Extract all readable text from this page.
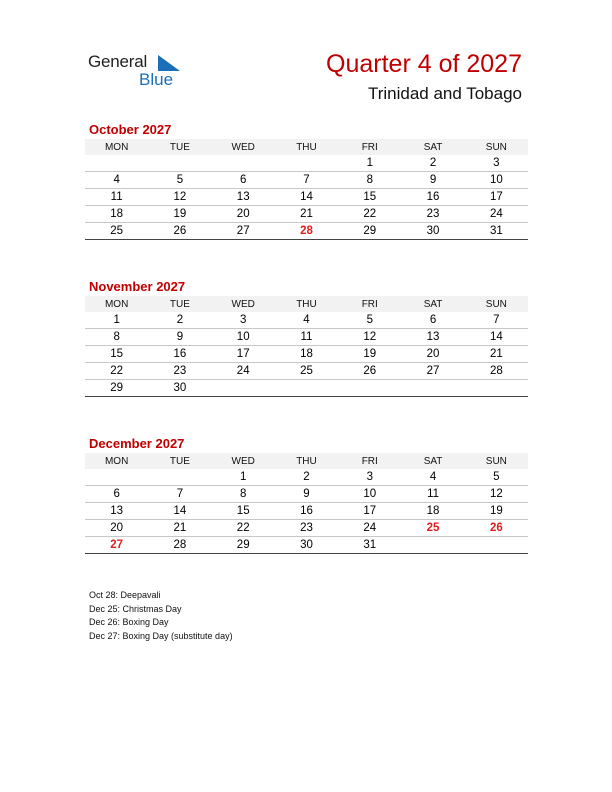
General
Blue
Quarter 4 of 2027
Trinidad and Tobago
October 2027
MON	TUE	WED	THU	FRI	SAT	SUN
				1	2	3
4	5	6	7	8	9	10
11	12	13	14	15	16	17
18	19	20	21	22	23	24
25	26	27	28	29	30	31
November 2027
MON	TUE	WED	THU	FRI	SAT	SUN
1	2	3	4	5	6	7
8	9	10	11	12	13	14
15	16	17	18	19	20	21
22	23	24	25	26	27	28
29	30					
December 2027
MON	TUE	WED	THU	FRI	SAT	SUN
		1	2	3	4	5
6	7	8	9	10	11	12
13	14	15	16	17	18	19
20	21	22	23	24	25	26
27	28	29	30	31		
Oct 28: Deepavali
Dec 25: Christmas Day
Dec 26: Boxing Day
Dec 27: Boxing Day (substitute day)
